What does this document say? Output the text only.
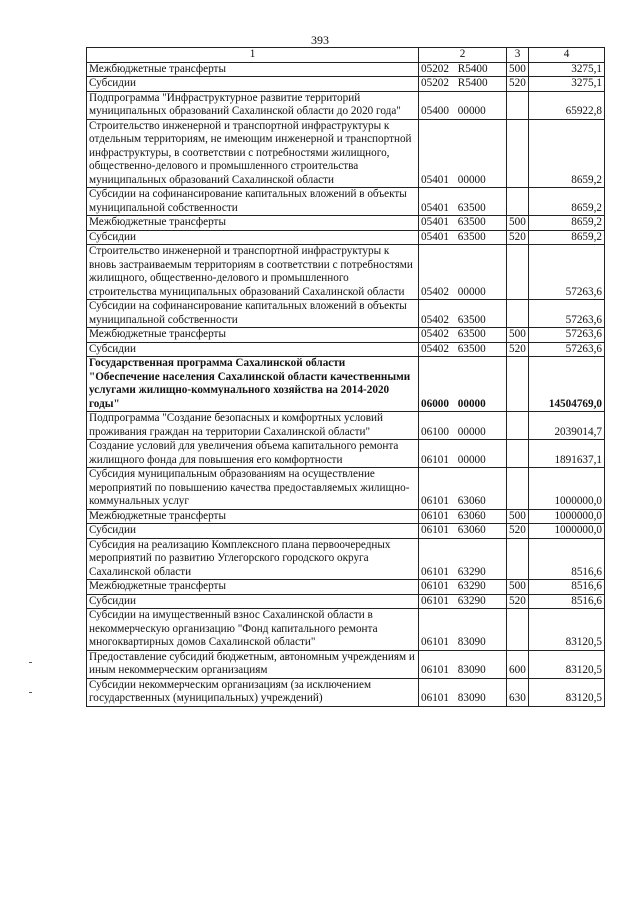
393
1	2	3	4
Межбюджетные трансферты	05202 R5400	500	3275,1
Субсидии	05202 R5400	520	3275,1
Подпрограмма "Инфраструктурное развитие территорий муниципальных образований Сахалинской области до 2020 года"	05400 00000		65922,8
Строительство инженерной и транспортной инфраструктуры к отдельным территориям, не имеющим инженерной и транспортной инфраструктуры, в соответствии с потребностями жилищного, общественно-делового и промышленного строительства муниципальных образований Сахалинской области	05401 00000		8659,2
Субсидии на софинансирование капитальных вложений в объекты муниципальной собственности	05401 63500		8659,2
Межбюджетные трансферты	05401 63500	500	8659,2
Субсидии	05401 63500	520	8659,2
Строительство инженерной и транспортной инфраструктуры к вновь застраиваемым территориям в соответствии с потребностями жилищного, общественно-делового и промышленного строительства муниципальных образований Сахалинской области	05402 00000		57263,6
Субсидии на софинансирование капитальных вложений в объекты муниципальной собственности	05402 63500		57263,6
Межбюджетные трансферты	05402 63500	500	57263,6
Субсидии	05402 63500	520	57263,6
Государственная программа Сахалинской области "Обеспечение населения Сахалинской области качественными услугами жилищно-коммунального хозяйства на 2014-2020 годы"	06000 00000		14504769,0
Подпрограмма "Создание безопасных и комфортных условий проживания граждан на территории Сахалинской области"	06100 00000		2039014,7
Создание условий для увеличения объема капитального ремонта жилищного фонда для повышения его комфортности	06101 00000		1891637,1
Субсидия муниципальным образованиям на осуществление мероприятий по повышению качества предоставляемых жилищно-коммунальных услуг	06101 63060		1000000,0
Межбюджетные трансферты	06101 63060	500	1000000,0
Субсидии	06101 63060	520	1000000,0
Субсидия на реализацию Комплексного плана первоочередных мероприятий по развитию Углегорского городского округа Сахалинской области	06101 63290		8516,6
Межбюджетные трансферты	06101 63290	500	8516,6
Субсидии	06101 63290	520	8516,6
Субсидии на имущественный взнос Сахалинской области в некоммерческую организацию "Фонд капитального ремонта многоквартирных домов Сахалинской области"	06101 83090		83120,5
Предоставление субсидий бюджетным, автономным учреждениям и иным некоммерческим организациям	06101 83090	600	83120,5
Субсидии некоммерческим организациям (за исключением государственных (муниципальных) учреждений)	06101 83090	630	83120,5
